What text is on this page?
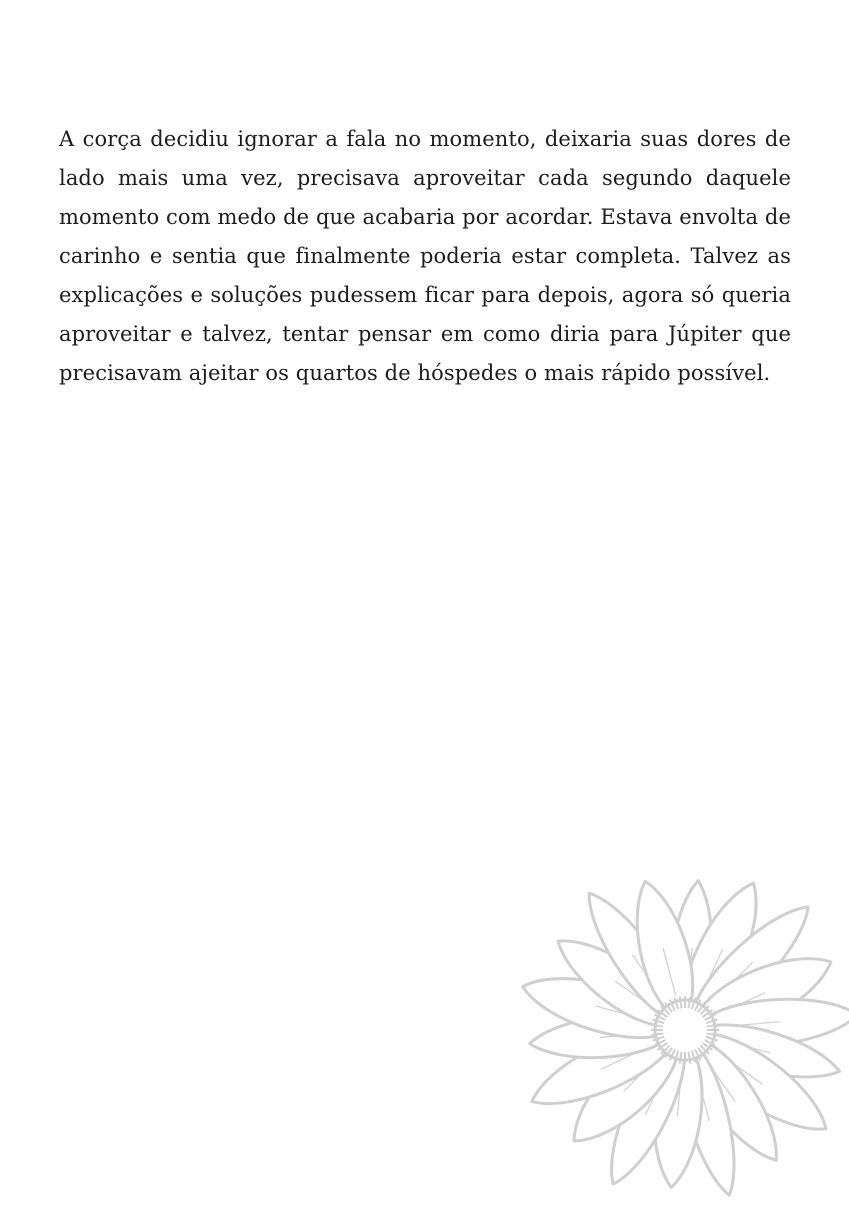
A corça decidiu ignorar a fala no momento, deixaria suas dores de lado mais uma vez, precisava aproveitar cada segundo daquele momento com medo de que acabaria por acordar. Estava envolta de carinho e sentia que finalmente poderia estar completa. Talvez as explicações e soluções pudessem ficar para depois, agora só queria aproveitar e talvez, tentar pensar em como diria para Júpiter que precisavam ajeitar os quartos de hóspedes o mais rápido possível.
